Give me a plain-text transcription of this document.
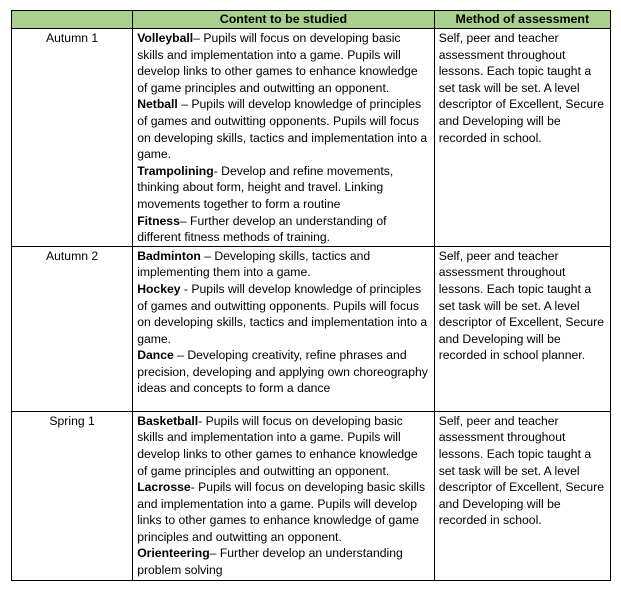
	Content to be studied	Method of assessment
Autumn 1	Volleyball– Pupils will focus on developing basic skills and implementation into a game. Pupils will develop links to other games to enhance knowledge of game principles and outwitting an opponent.
Netball – Pupils will develop knowledge of principles of games and outwitting opponents. Pupils will focus on developing skills, tactics and implementation into a game.
Trampolining- Develop and refine movements, thinking about form, height and travel. Linking movements together to form a routine
Fitness– Further develop an understanding of different fitness methods of training.	Self, peer and teacher assessment throughout lessons. Each topic taught a set task will be set. A level descriptor of Excellent, Secure and Developing will be recorded in school.
Autumn 2	Badminton – Developing skills, tactics and implementing them into a game.
Hockey - Pupils will develop knowledge of principles of games and outwitting opponents. Pupils will focus on developing skills, tactics and implementation into a game.
Dance – Developing creativity, refine phrases and precision, developing and applying own choreography ideas and concepts to form a dance	Self, peer and teacher assessment throughout lessons. Each topic taught a set task will be set. A level descriptor of Excellent, Secure and Developing will be recorded in school planner.
Spring 1	Basketball- Pupils will focus on developing basic skills and implementation into a game. Pupils will develop links to other games to enhance knowledge of game principles and outwitting an opponent.
Lacrosse- Pupils will focus on developing basic skills and implementation into a game. Pupils will develop links to other games to enhance knowledge of game principles and outwitting an opponent.
Orienteering– Further develop an understanding problem solving	Self, peer and teacher assessment throughout lessons. Each topic taught a set task will be set. A level descriptor of Excellent, Secure and Developing will be recorded in school.
